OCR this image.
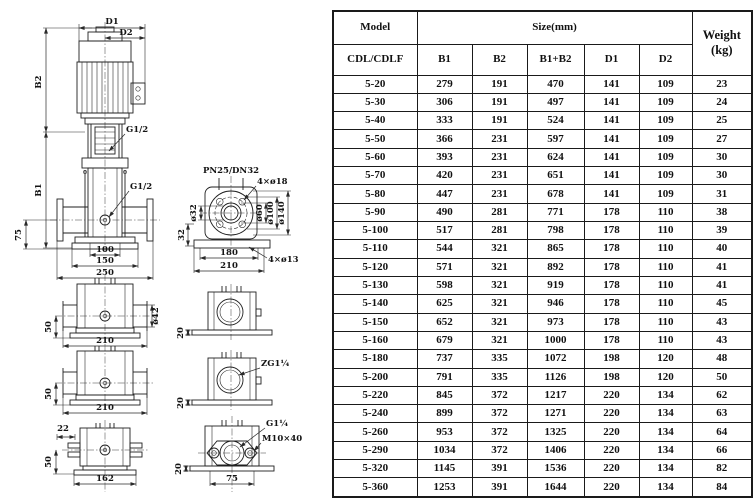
D1
D2
B2
B1
75
G1/2
G1/2
100
150
250
PN25/DN32
4×ø18
ø32	ø60 ø100 ø140
32
180
210
4×ø13
50
210
ø42
50
210
22
50
162
20
ZG1¼
20
G1¼
M10×40
20
75
Model	Size(mm)					Weight
(kg)

CDL/CDLF	B1	B2	B1+B2	D1	D2	
5-20	279	191	470	141	109	23
5-30	306	191	497	141	109	24
5-40	333	191	524	141	109	25
5-50	366	231	597	141	109	27
5-60	393	231	624	141	109	30
5-70	420	231	651	141	109	30
5-80	447	231	678	141	109	31
5-90	490	281	771	178	110	38
5-100	517	281	798	178	110	39
5-110	544	321	865	178	110	40
5-120	571	321	892	178	110	41
5-130	598	321	919	178	110	41
5-140	625	321	946	178	110	45
5-150	652	321	973	178	110	43
5-160	679	321	1000	178	110	43
5-180	737	335	1072	198	120	48
5-200	791	335	1126	198	120	50
5-220	845	372	1217	220	134	62
5-240	899	372	1271	220	134	63
5-260	953	372	1325	220	134	64
5-290	1034	372	1406	220	134	66
5-320	1145	391	1536	220	134	82
5-360	1253	391	1644	220	134	84
